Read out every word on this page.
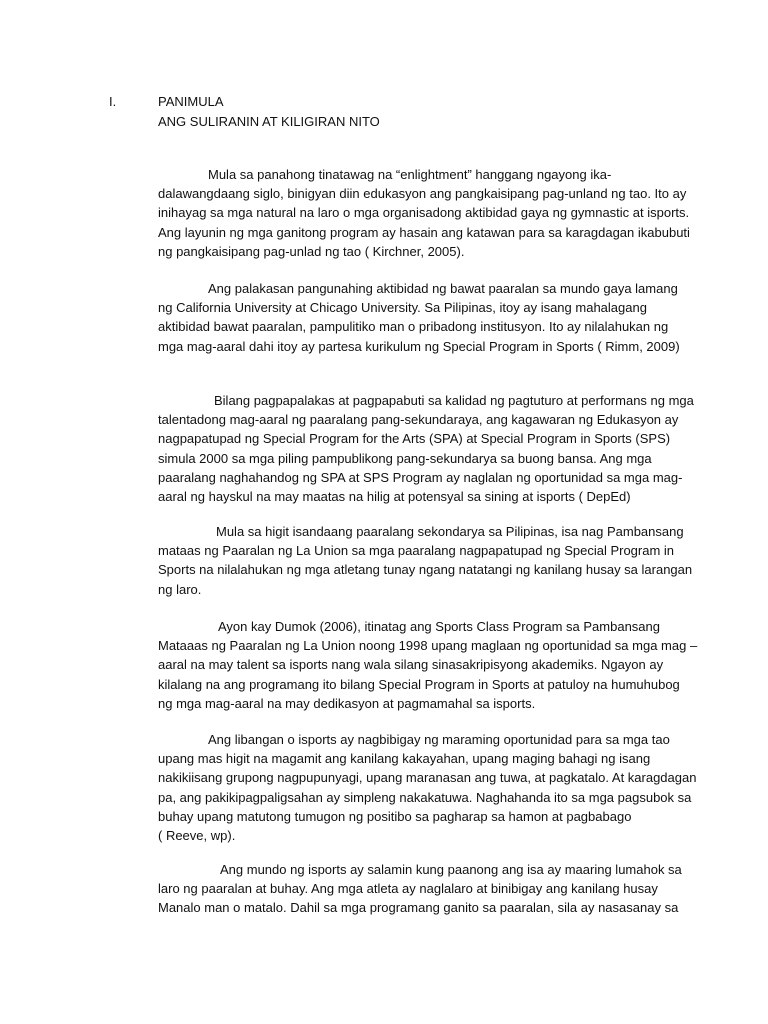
I.	PANIMULA
ANG SULIRANIN AT KILIGIRAN NITO

Mula sa panahong tinatawag na “enlightment” hanggang ngayong ika-
dalawangdaang siglo, binigyan diin edukasyon ang pangkaisipang pag-unland ng tao. Ito ay
inihayag sa mga natural na laro o mga organisadong aktibidad gaya ng gymnastic at isports.
Ang layunin ng mga ganitong program ay hasain ang katawan para sa karagdagan ikabubuti
ng pangkaisipang pag-unlad ng tao ( Kirchner, 2005).

Ang palakasan pangunahing aktibidad ng bawat paaralan sa mundo gaya lamang
ng California University at Chicago University. Sa Pilipinas, itoy ay isang mahalagang
aktibidad bawat paaralan, pampulitiko man o pribadong institusyon. Ito ay nilalahukan ng
mga mag-aaral dahi itoy ay partesa kurikulum ng Special Program in Sports ( Rimm, 2009)

Bilang pagpapalakas at pagpapabuti sa kalidad ng pagtuturo at performans ng mga
talentadong mag-aaral ng paaralang pang-sekundaraya, ang kagawaran ng Edukasyon ay
nagpapatupad ng Special Program for the Arts (SPA) at Special Program in Sports (SPS)
simula 2000 sa mga piling pampublikong pang-sekundarya sa buong bansa. Ang mga
paaralang naghahandog ng SPA at SPS Program ay naglalan ng oportunidad sa mga mag-
aaral ng hayskul na may maatas na hilig at potensyal sa sining at isports ( DepEd)

Mula sa higit isandaang paaralang sekondarya sa Pilipinas, isa nag Pambansang
mataas ng Paaralan ng La Union sa mga paaralang nagpapatupad ng Special Program in
Sports na nilalahukan ng mga atletang tunay ngang natatangi ng kanilang husay sa larangan
ng laro.

Ayon kay Dumok (2006), itinatag ang Sports Class Program sa Pambansang
Mataaas ng Paaralan ng La Union noong 1998 upang maglaan ng oportunidad sa mga mag –
aaral na may talent sa isports nang wala silang sinasakripisyong akademiks. Ngayon ay
kilalang na ang programang ito bilang Special Program in Sports at patuloy na humuhubog
ng mga mag-aaral na may dedikasyon at pagmamahal sa isports.

Ang libangan o isports ay nagbibigay ng maraming oportunidad para sa mga tao
upang mas higit na magamit ang kanilang kakayahan, upang maging bahagi ng isang
nakikiisang grupong nagpupunyagi, upang maranasan ang tuwa, at pagkatalo. At karagdagan
pa, ang pakikipagpaligsahan ay simpleng nakakatuwa. Naghahanda ito sa mga pagsubok sa
buhay upang matutong tumugon ng positibo sa pagharap sa hamon at pagbabago
( Reeve, wp).

Ang mundo ng isports ay salamin kung paanong ang isa ay maaring lumahok sa
laro ng paaralan at buhay. Ang mga atleta ay naglalaro at binibigay ang kanilang husay
Manalo man o matalo. Dahil sa mga programang ganito sa paaralan, sila ay nasasanay sa
